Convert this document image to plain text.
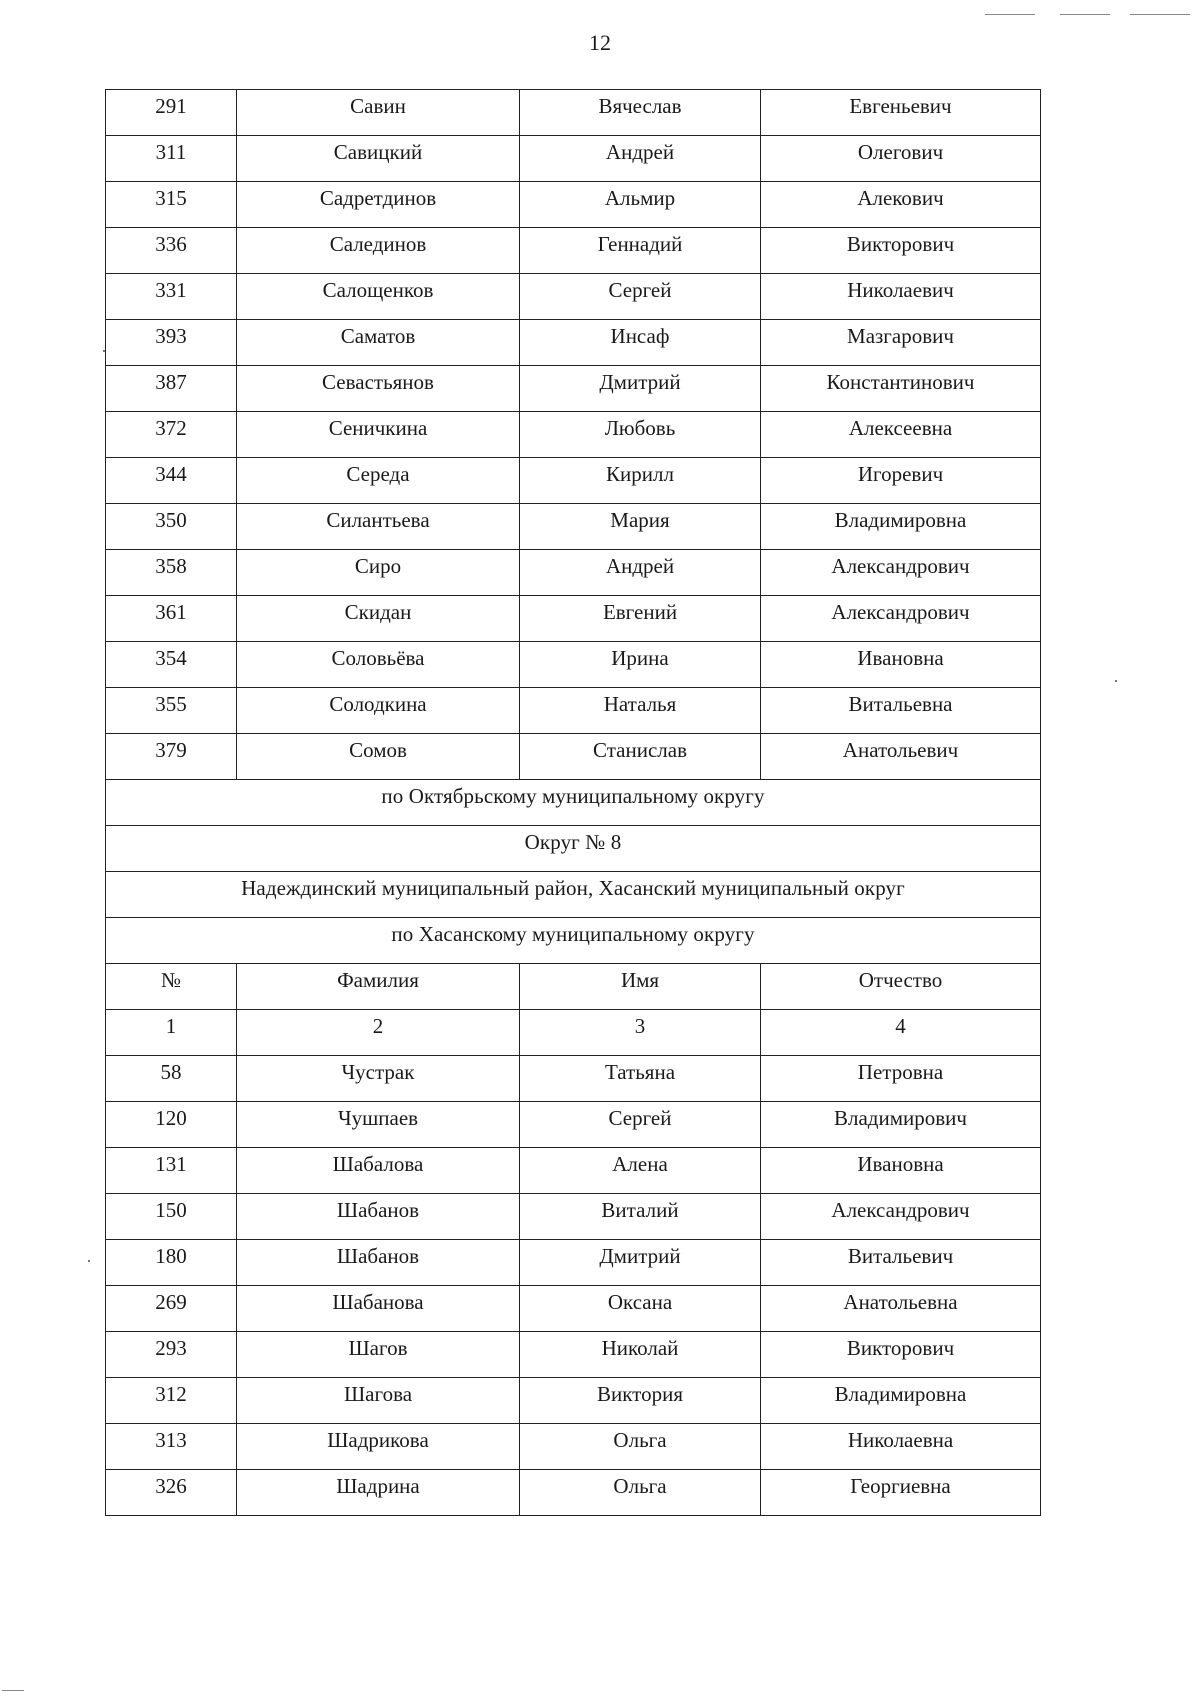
12
291	Савин	Вячеслав	Евгеньевич
311	Савицкий	Андрей	Олегович
315	Садретдинов	Альмир	Алекович
336	Салединов	Геннадий	Викторович
331	Салощенков	Сергей	Николаевич
393	Саматов	Инсаф	Мазгарович
387	Севастьянов	Дмитрий	Константинович
372	Сеничкина	Любовь	Алексеевна
344	Середа	Кирилл	Игоревич
350	Силантьева	Мария	Владимировна
358	Сиро	Андрей	Александрович
361	Скидан	Евгений	Александрович
354	Соловьёва	Ирина	Ивановна
355	Солодкина	Наталья	Витальевна
379	Сомов	Станислав	Анатольевич
по Октябрьскому муниципальному округу			
Округ № 8			
Надеждинский муниципальный район, Хасанский муниципальный округ			
по Хасанскому муниципальному округу			
№	Фамилия	Имя	Отчество
1	2	3	4
58	Чустрак	Татьяна	Петровна
120	Чушпаев	Сергей	Владимирович
131	Шабалова	Алена	Ивановна
150	Шабанов	Виталий	Александрович
180	Шабанов	Дмитрий	Витальевич
269	Шабанова	Оксана	Анатольевна
293	Шагов	Николай	Викторович
312	Шагова	Виктория	Владимировна
313	Шадрикова	Ольга	Николаевна
326	Шадрина	Ольга	Георгиевна
